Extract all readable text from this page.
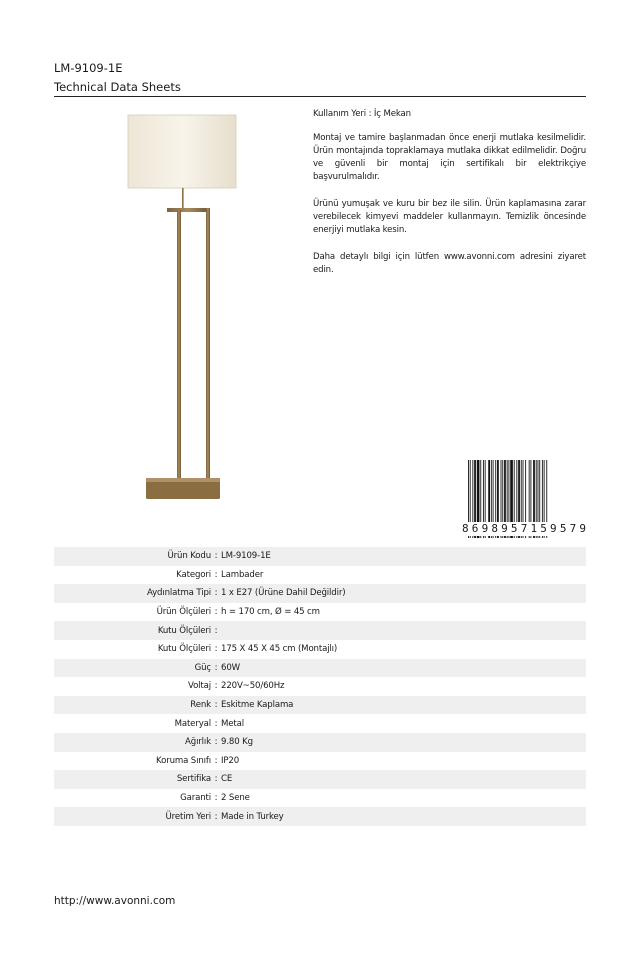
LM-9109-1E
Technical Data Sheets

Kullanım Yeri : İç Mekan

Montaj ve tamire başlanmadan önce enerji mutlaka kesilmelidir. Ürün montajında topraklamaya mutlaka dikkat edilmelidir. Doğru ve güvenli bir montaj için sertifikalı bir elektrikçiye başvurulmalıdır.

Ürünü yumuşak ve kuru bir bez ile silin. Ürün kaplamasına zarar verebilecek kimyevi maddeler kullanmayın. Temizlik öncesinde enerjiyi mutlaka kesin.

Daha detaylı bilgi için lütfen www.avonni.com adresini ziyaret edin.

8 6 9 8 9 5 7 1 5 9 5 7 9
Ürün Kodu : LM-9109-1E
Kategori : Lambader
Aydınlatma Tipi : 1 x E27 (Ürüne Dahil Değildir)
Ürün Ölçüleri : h = 170 cm, Ø = 45 cm
Kutu Ölçüleri :
Kutu Ölçüleri : 175 X 45 X 45 cm (Montajlı)
Güç : 60W
Voltaj : 220V~50/60Hz
Renk : Eskitme Kaplama
Materyal : Metal
Ağırlık : 9.80 Kg
Koruma Sınıfı : IP20
Sertifika : CE
Garanti : 2 Sene
Üretim Yeri : Made in Turkey
http://www.avonni.com
